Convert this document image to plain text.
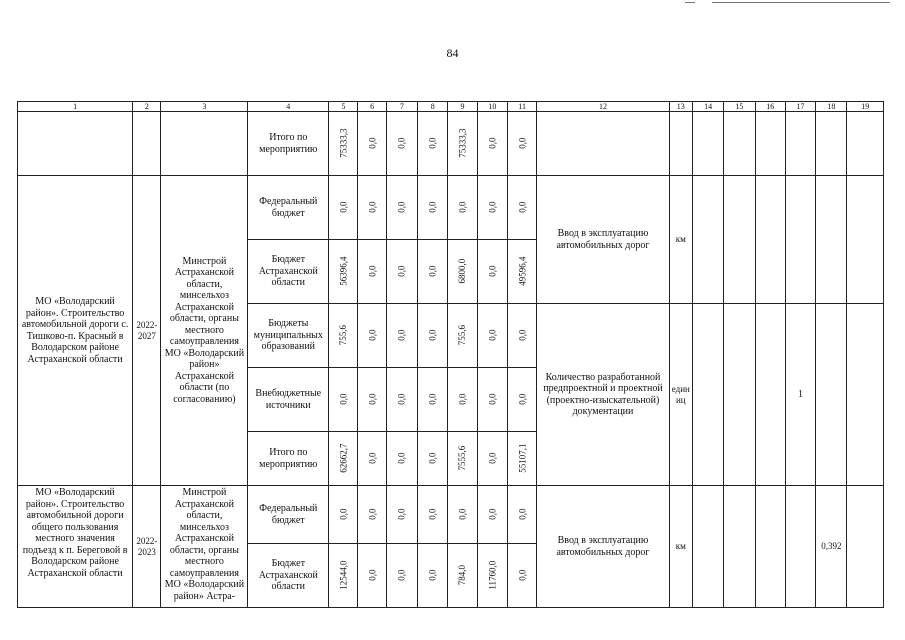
84
1	2	3	4	5	6	7	8	9	10	11	12	13	14	15	16	17	18	19
			Итого по мероприятию	75333,3	0,0	0,0	0,0	75333,3	0,0	0,0								
МО «Володарский район». Строительство автомобильной дороги с. Тишково-п. Красный в Володарском районе Астраханской области	2022-2027	Минстрой Астраханской области, минсельхоз Астраханской области, органы местного самоуправления МО «Володарский район» Астраханской области (по согласованию)	Федеральный бюджет	0,0	0,0	0,0	0,0	0,0	0,0	0,0	Ввод в эксплуатацию автомобильных дорог	км						
			Бюджет Астраханской области	56396,4	0,0	0,0	0,0	6800,0	0,0	49596,4								
			Бюджеты муниципальных образований	755,6	0,0	0,0	0,0	755,6	0,0	0,0	Количество разработанной предпроектной и проектной (проектно-изыскательной) документации	единиц				1		
			Внебюджетные источники	0,0	0,0	0,0	0,0	0,0	0,0	0,0								
			Итого по мероприятию	62662,7	0,0	0,0	0,0	7555,6	0,0	55107,1								
МО «Володарский район». Строительство автомобильной дороги общего пользования местного значения подъезд к п. Береговой в Володарском районе Астраханской области	2022-2023	Минстрой Астраханской области, минсельхоз Астраханской области, органы местного самоуправления МО «Володарский район» Астра-	Федеральный бюджет	0,0	0,0	0,0	0,0	0,0	0,0	0,0	Ввод в эксплуатацию автомобильных дорог	км					0,392	
			Бюджет Астраханской области	12544,0	0,0	0,0	0,0	784,0	11760,0	0,0								
